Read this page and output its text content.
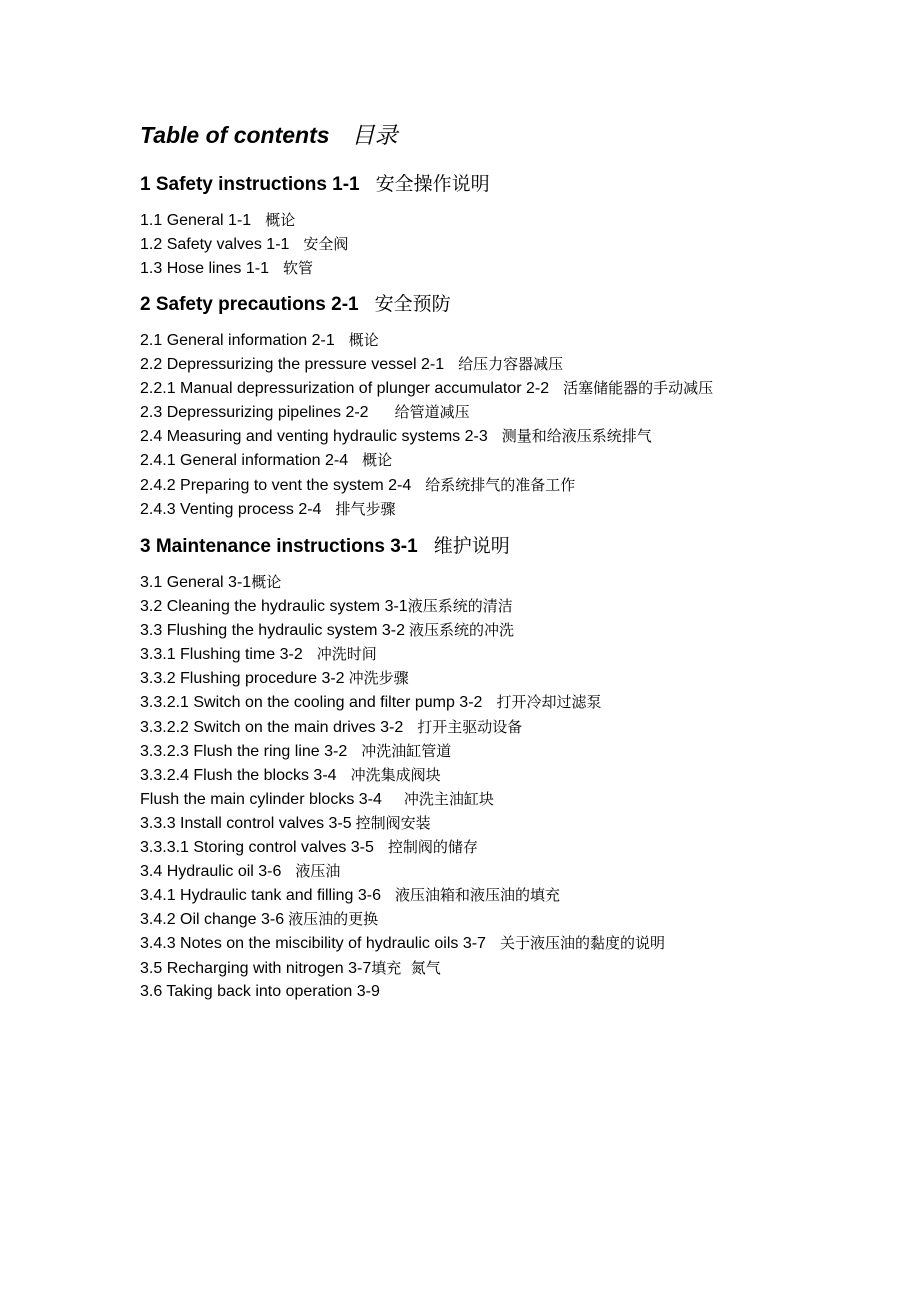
Table of contents 目录
1 Safety instructions 1-1 安全操作说明
1.1 General 1-1 概论
1.2 Safety valves 1-1 安全阀
1.3 Hose lines 1-1 软管
2 Safety precautions 2-1 安全预防
2.1 General information 2-1 概论
2.2 Depressurizing the pressure vessel 2-1 给压力容器减压
2.2.1 Manual depressurization of plunger accumulator 2-2 活塞储能器的手动减压
2.3 Depressurizing pipelines 2-2 给管道减压
2.4 Measuring and venting hydraulic systems 2-3 测量和给液压系统排气
2.4.1 General information 2-4 概论
2.4.2 Preparing to vent the system 2-4 给系统排气的准备工作
2.4.3 Venting process 2-4 排气步骤
3 Maintenance instructions 3-1 维护说明
3.1 General 3-1概论
3.2 Cleaning the hydraulic system 3-1液压系统的清洁
3.3 Flushing the hydraulic system 3-2 液压系统的冲洗
3.3.1 Flushing time 3-2 冲洗时间
3.3.2 Flushing procedure 3-2 冲洗步骤
3.3.2.1 Switch on the cooling and filter pump 3-2 打开冷却过滤泵
3.3.2.2 Switch on the main drives 3-2 打开主驱动设备
3.3.2.3 Flush the ring line 3-2 冲洗油缸管道
3.3.2.4 Flush the blocks 3-4 冲洗集成阀块
Flush the main cylinder blocks 3-4 冲洗主油缸块
3.3.3 Install control valves 3-5 控制阀安装
3.3.3.1 Storing control valves 3-5 控制阀的储存
3.4 Hydraulic oil 3-6 液压油
3.4.1 Hydraulic tank and filling 3-6 液压油箱和液压油的填充
3.4.2 Oil change 3-6 液压油的更换
3.4.3 Notes on the miscibility of hydraulic oils 3-7 关于液压油的黏度的说明
3.5 Recharging with nitrogen 3-7填充  氮气
3.6 Taking back into operation 3-9
